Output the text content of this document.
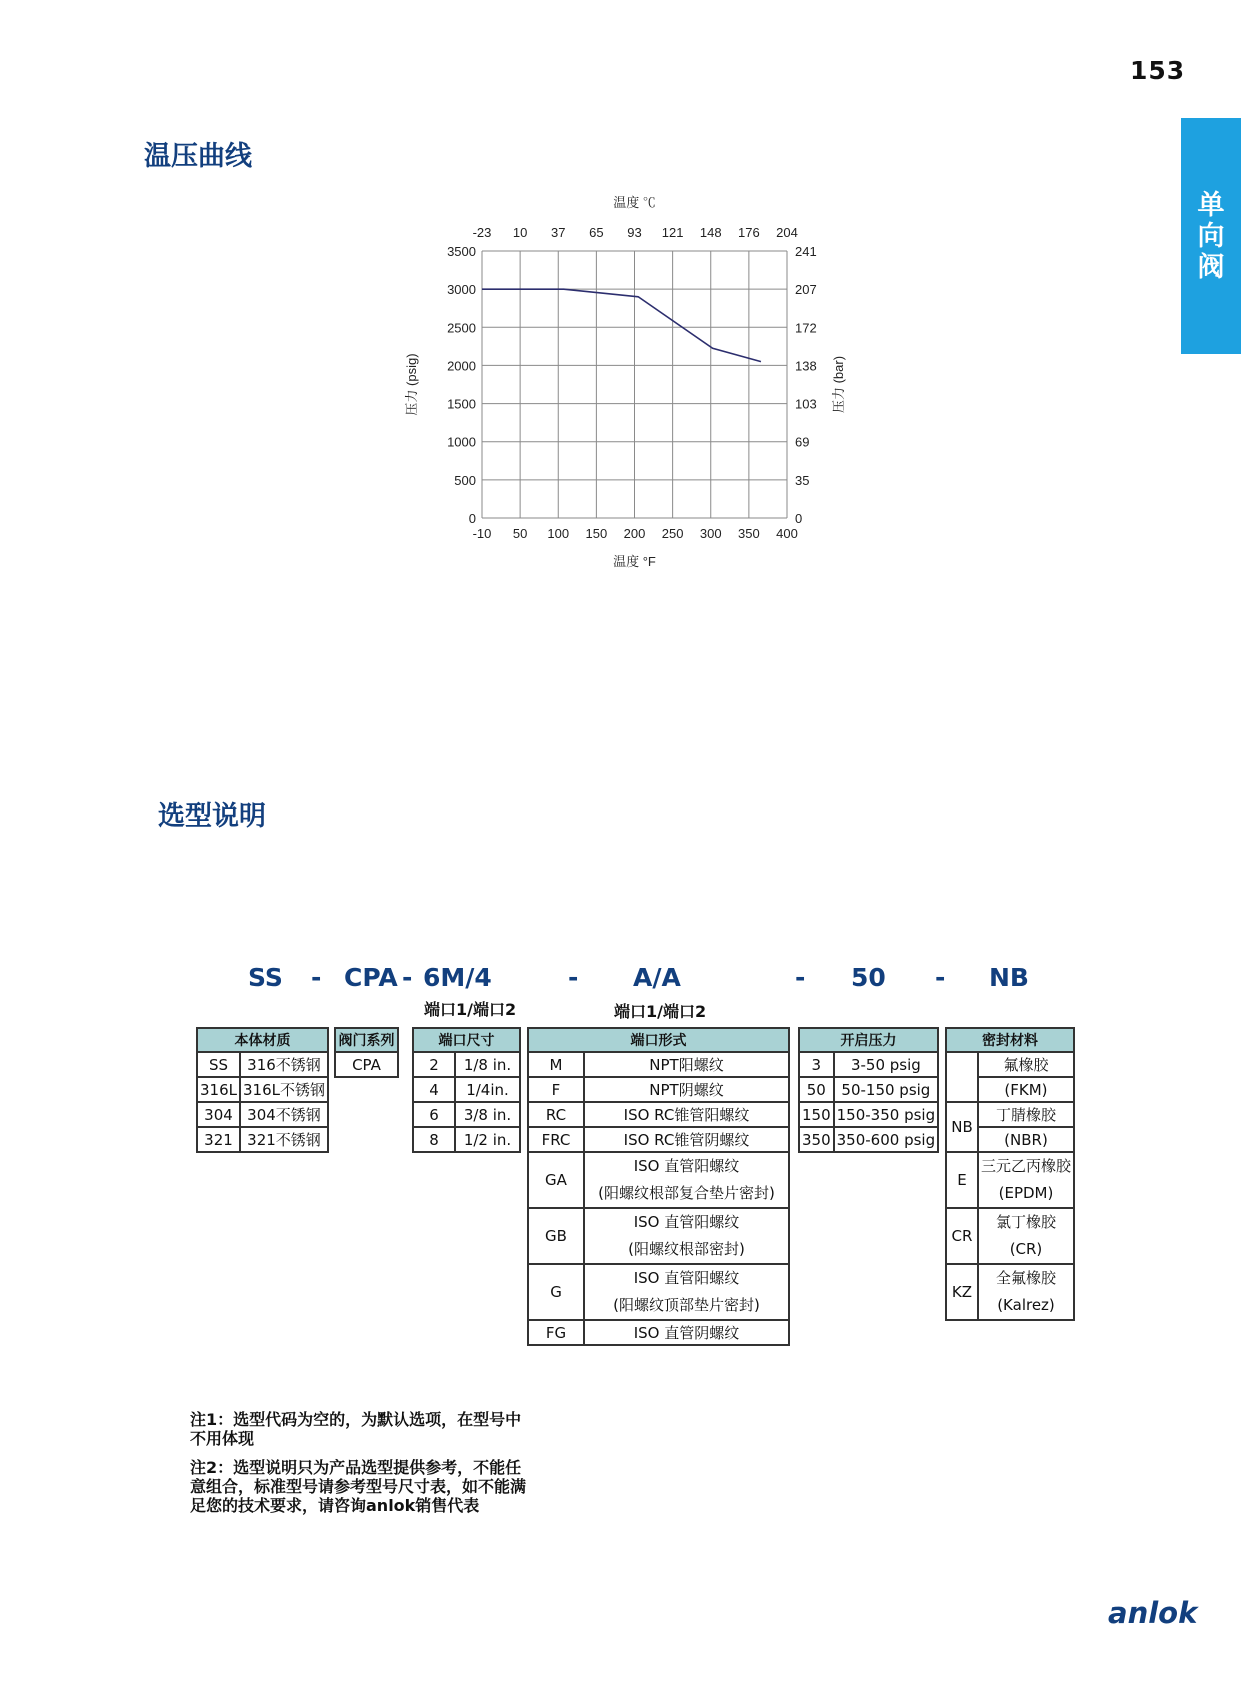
153
单向阀
温压曲线
-10
-23
50
10
100
37
150
65
200
93
250
121
300
148
350
176
400
204
0	0
500	35
1000	69
1500	103
2000	138
2500	172
3000	207
3500	241
温度 ℃
温度 °F
压力 (psig)	压力 (bar)
选型说明
SS - CPA - 6M/4	- A/A	- 50 - NB
端口1/端口2	端口1/端口2
本体材质	
SS	316不锈钢
316L	316L不锈钢
304	304不锈钢
321	321不锈钢
阀门系列
CPA
端口尺寸	
2	1/8 in.
4	1/4in.
6	3/8 in.
8	1/2 in.
端口形式	
M	NPT阳螺纹
F	NPT阴螺纹
RC	ISO RC锥管阳螺纹
FRC	ISO RC锥管阴螺纹
GA	ISO 直管阳螺纹
(阳螺纹根部复合垫片密封)

GB	ISO 直管阳螺纹
(阳螺纹根部密封)

G	ISO 直管阳螺纹
(阳螺纹顶部垫片密封)

FG	ISO 直管阴螺纹
开启压力	
3	3-50 psig
50	50-150 psig
150	150-350 psig
350	350-600 psig
密封材料	
	氟橡胶
	(FKM)
NB	丁腈橡胶
	(NBR)
E	三元乙丙橡胶
(EPDM)

CR	氯丁橡胶
(CR)

KZ	全氟橡胶
(Kalrez)

注1：选型代码为空的，为默认选项，在型号中不用体现

注2：选型说明只为产品选型提供参考，不能任意组合，标准型号请参考型号尺寸表，如不能满足您的技术要求，请咨询anlok销售代表

anlok
